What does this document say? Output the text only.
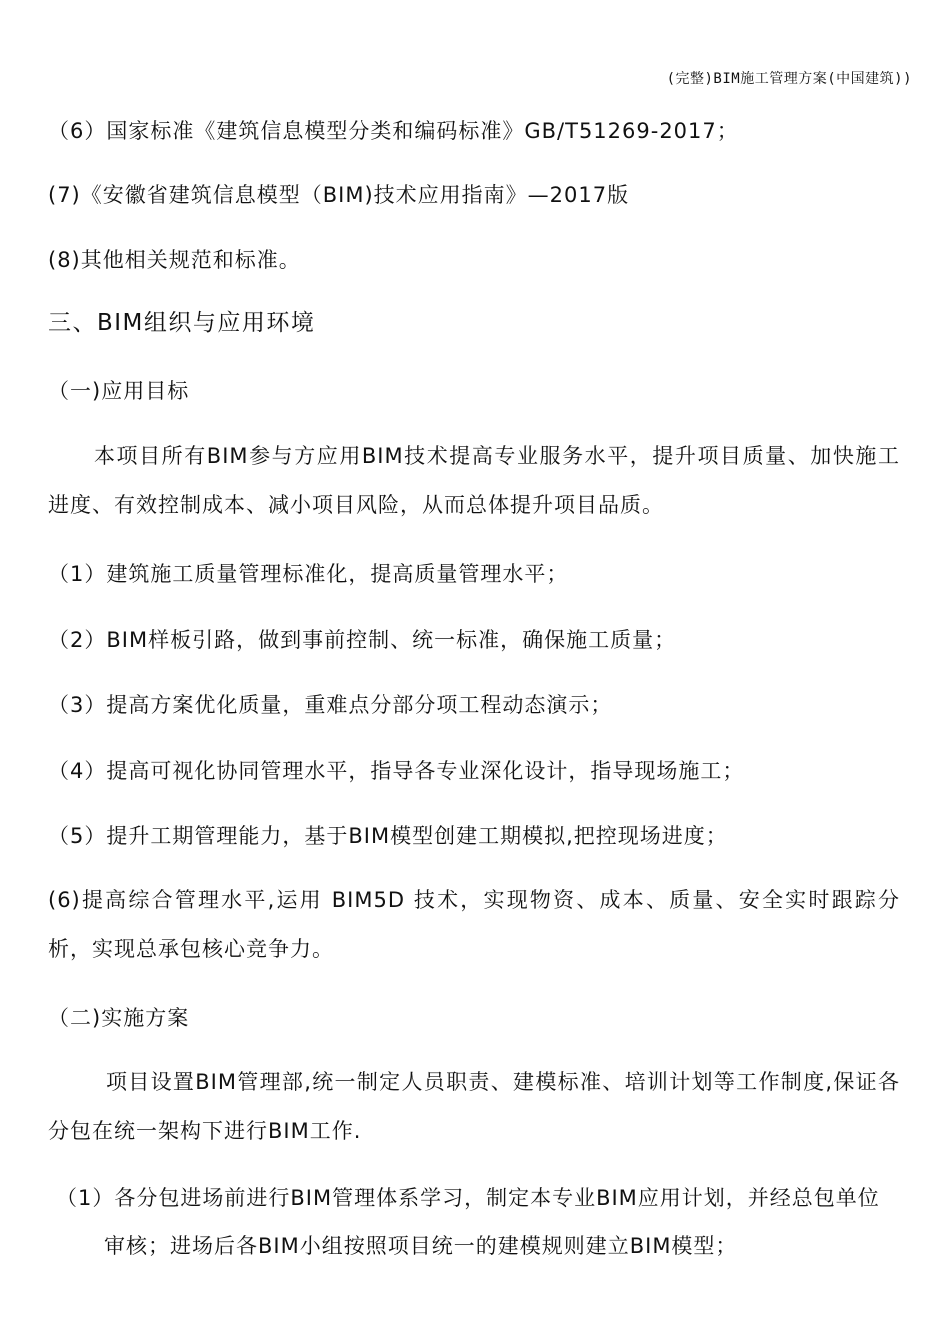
(完整)BIM施工管理方案(中国建筑))
（6）国家标准《建筑信息模型分类和编码标准》GB/T51269-2017；
(7)《安徽省建筑信息模型（BIM)技术应用指南》—2017版
(8)其他相关规范和标准。
三、BIM组织与应用环境
（一)应用目标
本项目所有BIM参与方应用BIM技术提高专业服务水平，提升项目质量、加快施工进度、有效控制成本、减小项目风险，从而总体提升项目品质。
（1）建筑施工质量管理标准化，提高质量管理水平；
（2）BIM样板引路，做到事前控制、统一标准，确保施工质量；
（3）提高方案优化质量，重难点分部分项工程动态演示；
（4）提高可视化协同管理水平，指导各专业深化设计，指导现场施工；
（5）提升工期管理能力，基于BIM模型创建工期模拟,把控现场进度；
(6)提高综合管理水平,运用 BIM5D 技术，实现物资、成本、质量、安全实时跟踪分析，实现总承包核心竞争力。
（二)实施方案
项目设置BIM管理部,统一制定人员职责、建模标准、培训计划等工作制度,保证各分包在统一架构下进行BIM工作.
（1）各分包进场前进行BIM管理体系学习，制定本专业BIM应用计划，并经总包单位审核；进场后各BIM小组按照项目统一的建模规则建立BIM模型；
